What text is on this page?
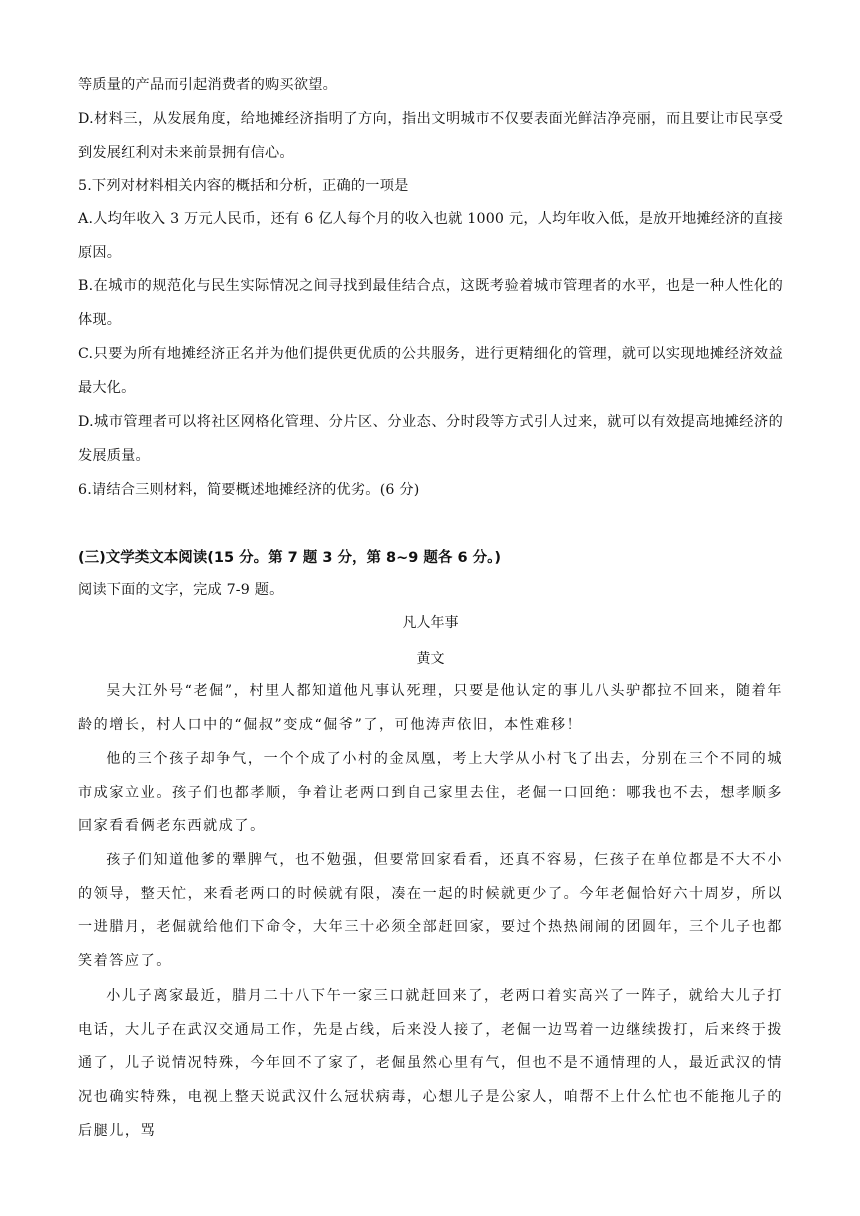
等质量的产品而引起消费者的购买欲望。

D.材料三，从发展角度，给地摊经济指明了方向，指出文明城市不仅要表面光鲜洁净亮丽，而且要让市民享受到发展红利对未来前景拥有信心。

5.下列对材料相关内容的概括和分析，正确的一项是

A.人均年收入 3 万元人民币，还有 6 亿人每个月的收入也就 1000 元，人均年收入低，是放开地摊经济的直接原因。

B.在城市的规范化与民生实际情况之间寻找到最佳结合点，这既考验着城市管理者的水平，也是一种人性化的体现。

C.只要为所有地摊经济正名并为他们提供更优质的公共服务，进行更精细化的管理，就可以实现地摊经济效益最大化。

D.城市管理者可以将社区网格化管理、分片区、分业态、分时段等方式引人过来，就可以有效提高地摊经济的发展质量。

6.请结合三则材料，简要概述地摊经济的优劣。(6 分)

(三)文学类文本阅读(15 分。第 7 题 3 分，第 8~9 题各 6 分。)

阅读下面的文字，完成 7-9 题。

凡人年事

黄文

吴大江外号“老倔”，村里人都知道他凡事认死理，只要是他认定的事儿八头驴都拉不回来，随着年龄的增长，村人口中的“倔叔”变成“倔爷”了，可他涛声依旧，本性难移！

他的三个孩子却争气，一个个成了小村的金凤凰，考上大学从小村飞了出去，分别在三个不同的城市成家立业。孩子们也都孝顺，争着让老两口到自己家里去住，老倔一口回绝：哪我也不去，想孝顺多回家看看俩老东西就成了。

孩子们知道他爹的犟脾气，也不勉强，但要常回家看看，还真不容易，仨孩子在单位都是不大不小的领导，整天忙，来看老两口的时候就有限，凑在一起的时候就更少了。今年老倔恰好六十周岁，所以一进腊月，老倔就给他们下命令，大年三十必须全部赶回家，要过个热热闹闹的团圆年，三个儿子也都笑着答应了。

小儿子离家最近，腊月二十八下午一家三口就赶回来了，老两口着实高兴了一阵子，就给大儿子打电话，大儿子在武汉交通局工作，先是占线，后来没人接了，老倔一边骂着一边继续拨打，后来终于拨通了，儿子说情况特殊，今年回不了家了，老倔虽然心里有气，但也不是不通情理的人，最近武汉的情况也确实特殊，电视上整天说武汉什么冠状病毒，心想儿子是公家人，咱帮不上什么忙也不能拖儿子的后腿儿，骂
